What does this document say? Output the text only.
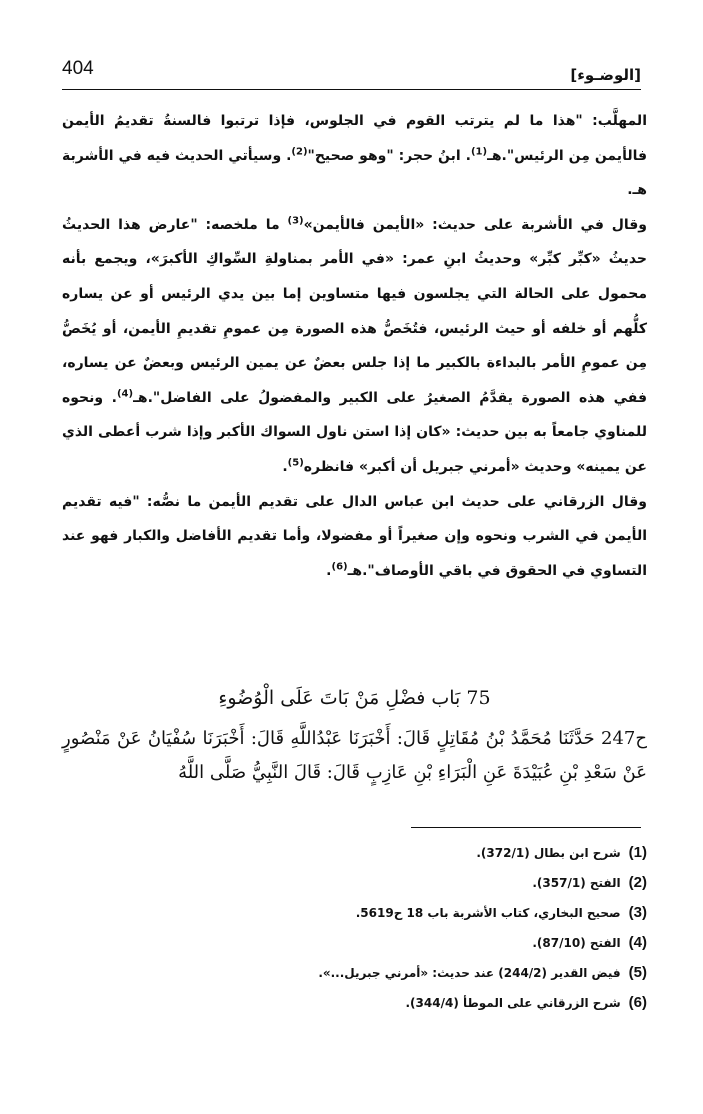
404	[الوضـوء]

المهلَّب: "هذا ما لم يترتب القوم في الجلوس، فإذا ترتبوا فالسنةُ تقديمُ الأيمن فالأيمن مِن الرئيس".هـ$^{(1)}$. ابنُ حجر: "وهو صحيح"$^{(2)}$. وسيأتي الحديث فيه في الأشربة هـ.

وقال في الأشربة على حديث: «الأيمن فالأيمن»$^{(3)}$ ما ملخصه: "عارض هذا الحديثُ حديثُ «كبِّر كبِّر» وحديثُ ابنِ عمر: «في الأمر بمناولةِ السِّواكِ الأكبرَ»، ويجمع بأنه محمول على الحالة التي يجلسون فيها متساوين إما بين يدي الرئيس أو عن يساره كلُّهم أو خلفه أو حيث الرئيس، فتُخَصُّ هذه الصورة مِن عمومِ تقديمِ الأيمن، أو يُخَصُّ مِن عمومِ الأمر بالبداءة بالكبير ما إذا جلس بعضٌ عن يمين الرئيس وبعضٌ عن يساره، ففي هذه الصورة يقدَّمُ الصغيرُ على الكبير والمفضولُ على الفاضل".هـ$^{(4)}$. ونحوه للمناوي جامعاً به بين حديث: «كان إذا استن ناول السواك الأكبر وإذا شرب أعطى الذي عن يمينه» وحديث «أمرني جبريل أن أكبر» فانظره$^{(5)}$.

وقال الزرقاني على حديث ابن عباس الدال على تقديم الأيمن ما نصُّه: "فيه تقديم الأيمن في الشرب ونحوه وإن صغيراً أو مفضولا، وأما تقديم الأفاضل والكبار فهو عند التساوي في الحقوق في باقي الأوصاف".هـ$^{(6)}$.

75 بَاب فضْلِ مَنْ بَاتَ عَلَى الْوُضُوءِ
ح247 حَدَّثَنَا مُحَمَّدُ بْنُ مُقَاتِلٍ قَالَ: أَخْبَرَنَا عَبْدُاللَّهِ قَالَ: أَخْبَرَنَا سُفْيَانُ عَنْ مَنْصُورٍ عَنْ سَعْدِ بْنِ عُبَيْدَةَ عَنِ الْبَرَاءِ بْنِ عَازِبٍ قَالَ: قَالَ النَّبِيُّ صَلَّى اللَّهُ
(1)شرح ابن بطال (372/1).
(2)الفتح (357/1).
(3)صحيح البخاري، كتاب الأشربة باب 18 ح5619.
(4)الفتح (87/10).
(5)فيض القدير (244/2) عند حديث: «أمرني جبريل...».
(6)شرح الزرقاني على الموطأ (344/4).
